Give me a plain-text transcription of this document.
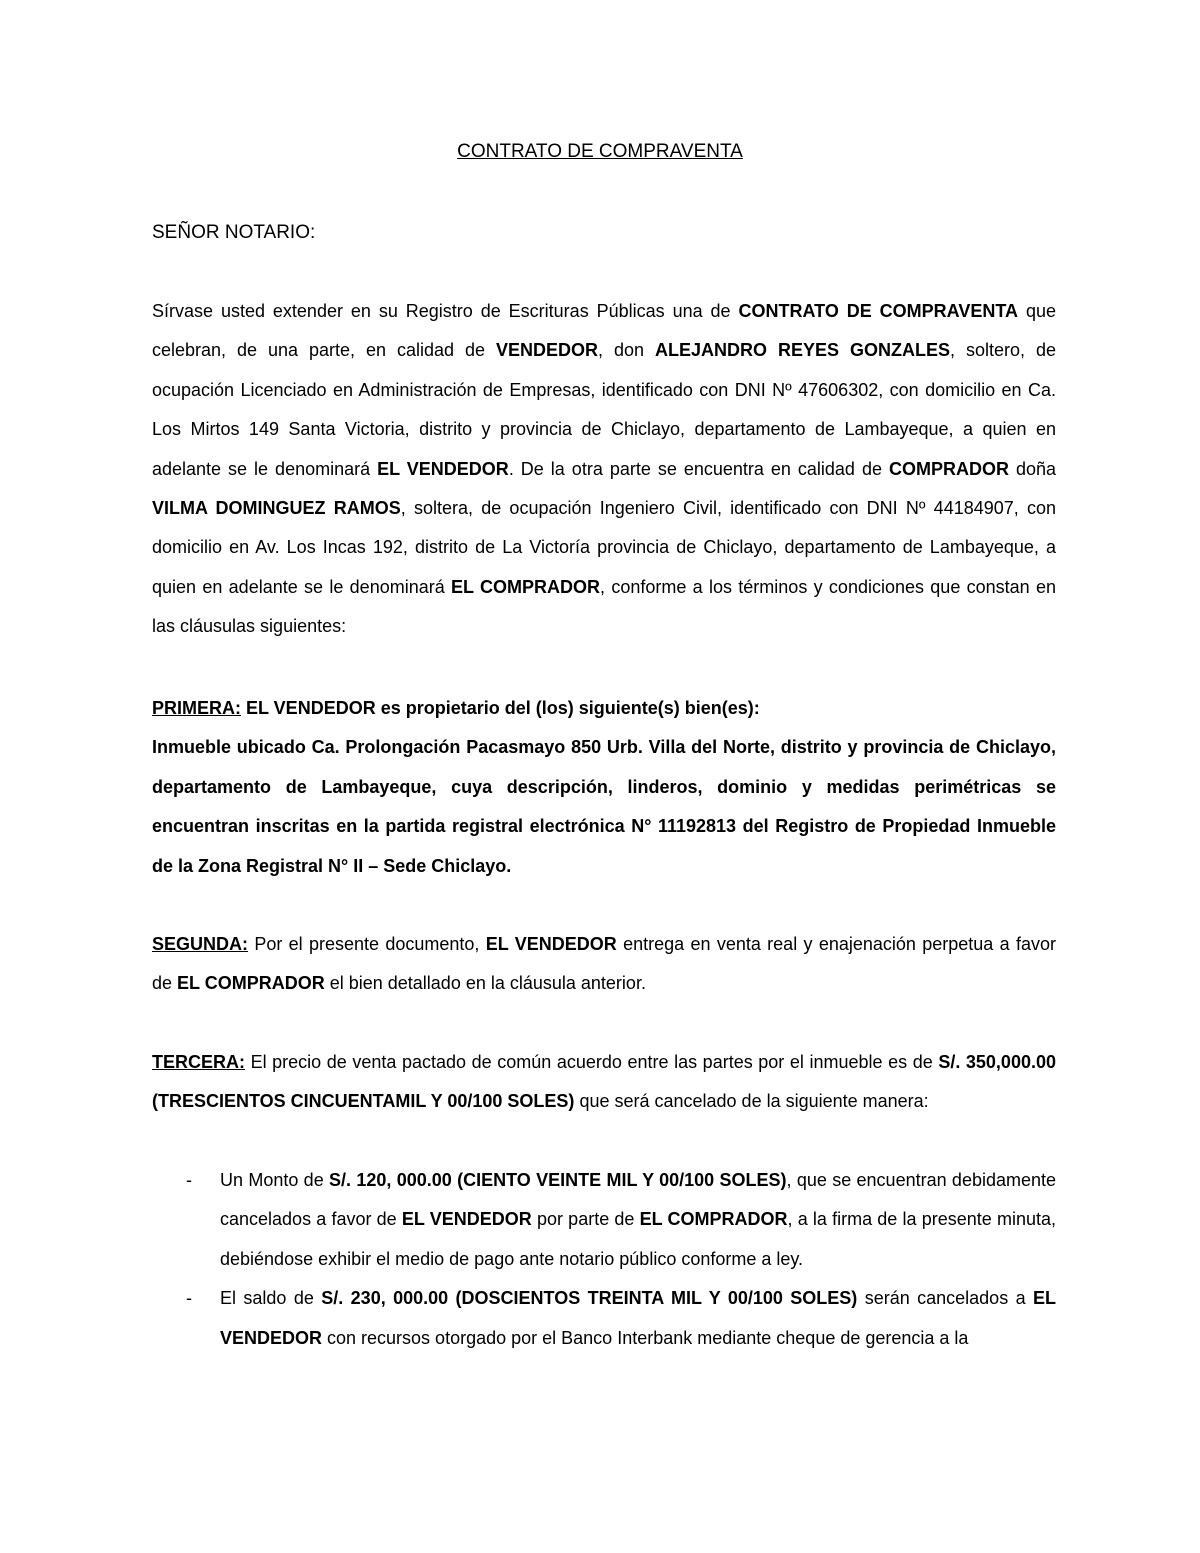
CONTRATO DE COMPRAVENTA
SEÑOR NOTARIO:

Sírvase usted extender en su Registro de Escrituras Públicas una de CONTRATO DE COMPRAVENTA que celebran, de una parte, en calidad de VENDEDOR, don ALEJANDRO REYES GONZALES, soltero, de ocupación Licenciado en Administración de Empresas, identificado con DNI Nº 47606302, con domicilio en Ca. Los Mirtos 149 Santa Victoria, distrito y provincia de Chiclayo, departamento de Lambayeque, a quien en adelante se le denominará EL VENDEDOR. De la otra parte se encuentra en calidad de COMPRADOR doña VILMA DOMINGUEZ RAMOS, soltera, de ocupación Ingeniero Civil, identificado con DNI Nº 44184907, con domicilio en Av. Los Incas 192, distrito de La Victoría provincia de Chiclayo, departamento de Lambayeque, a quien en adelante se le denominará EL COMPRADOR, conforme a los términos y condiciones que constan en las cláusulas siguientes:

PRIMERA: EL VENDEDOR es propietario del (los) siguiente(s) bien(es):
Inmueble ubicado Ca. Prolongación Pacasmayo 850 Urb. Villa del Norte, distrito y provincia de Chiclayo, departamento de Lambayeque, cuya descripción, linderos, dominio y medidas perimétricas se encuentran inscritas en la partida registral electrónica N° 11192813 del Registro de Propiedad Inmueble de la Zona Registral N° II – Sede Chiclayo.

SEGUNDA: Por el presente documento, EL VENDEDOR entrega en venta real y enajenación perpetua a favor de EL COMPRADOR el bien detallado en la cláusula anterior.

TERCERA: El precio de venta pactado de común acuerdo entre las partes por el inmueble es de S/. 350,000.00 (TRESCIENTOS CINCUENTAMIL Y 00/100 SOLES) que será cancelado de la siguiente manera:

- Un Monto de S/. 120, 000.00 (CIENTO VEINTE MIL Y 00/100 SOLES), que se encuentran debidamente cancelados a favor de EL VENDEDOR por parte de EL COMPRADOR, a la firma de la presente minuta, debiéndose exhibir el medio de pago ante notario público conforme a ley.
- El saldo de S/. 230, 000.00 (DOSCIENTOS TREINTA MIL Y 00/100 SOLES) serán cancelados a EL VENDEDOR con recursos otorgado por el Banco Interbank mediante cheque de gerencia a la
